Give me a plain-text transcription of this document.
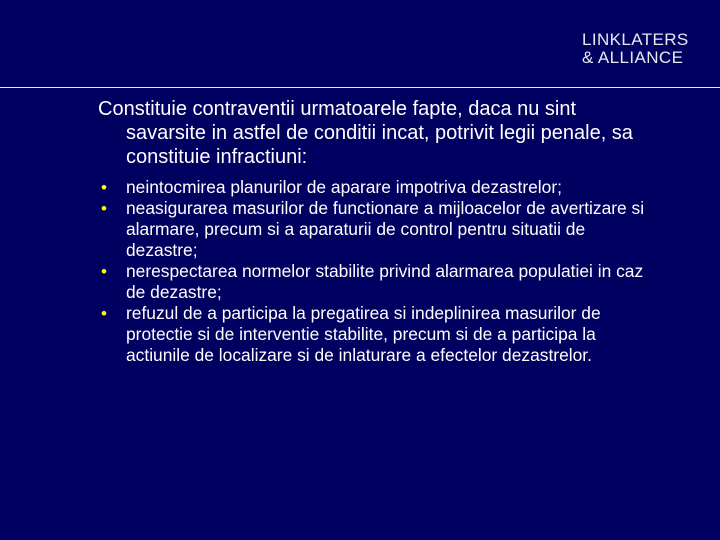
LINKLATERS
& ALLIANCE

Constituie contraventii urmatoarele fapte, daca nu sint savarsite in astfel de conditii incat, potrivit legii penale, sa constituie infractiuni:

• neintocmirea planurilor de aparare impotriva dezastrelor;
• neasigurarea masurilor de functionare a mijloacelor de avertizare si alarmare, precum si a aparaturii de control pentru situatii de dezastre;
• nerespectarea normelor stabilite privind alarmarea populatiei in caz de dezastre;
• refuzul de a participa la pregatirea si indeplinirea masurilor de protectie si de interventie stabilite, precum si de a participa la actiunile de localizare si de inlaturare a efectelor dezastrelor.
